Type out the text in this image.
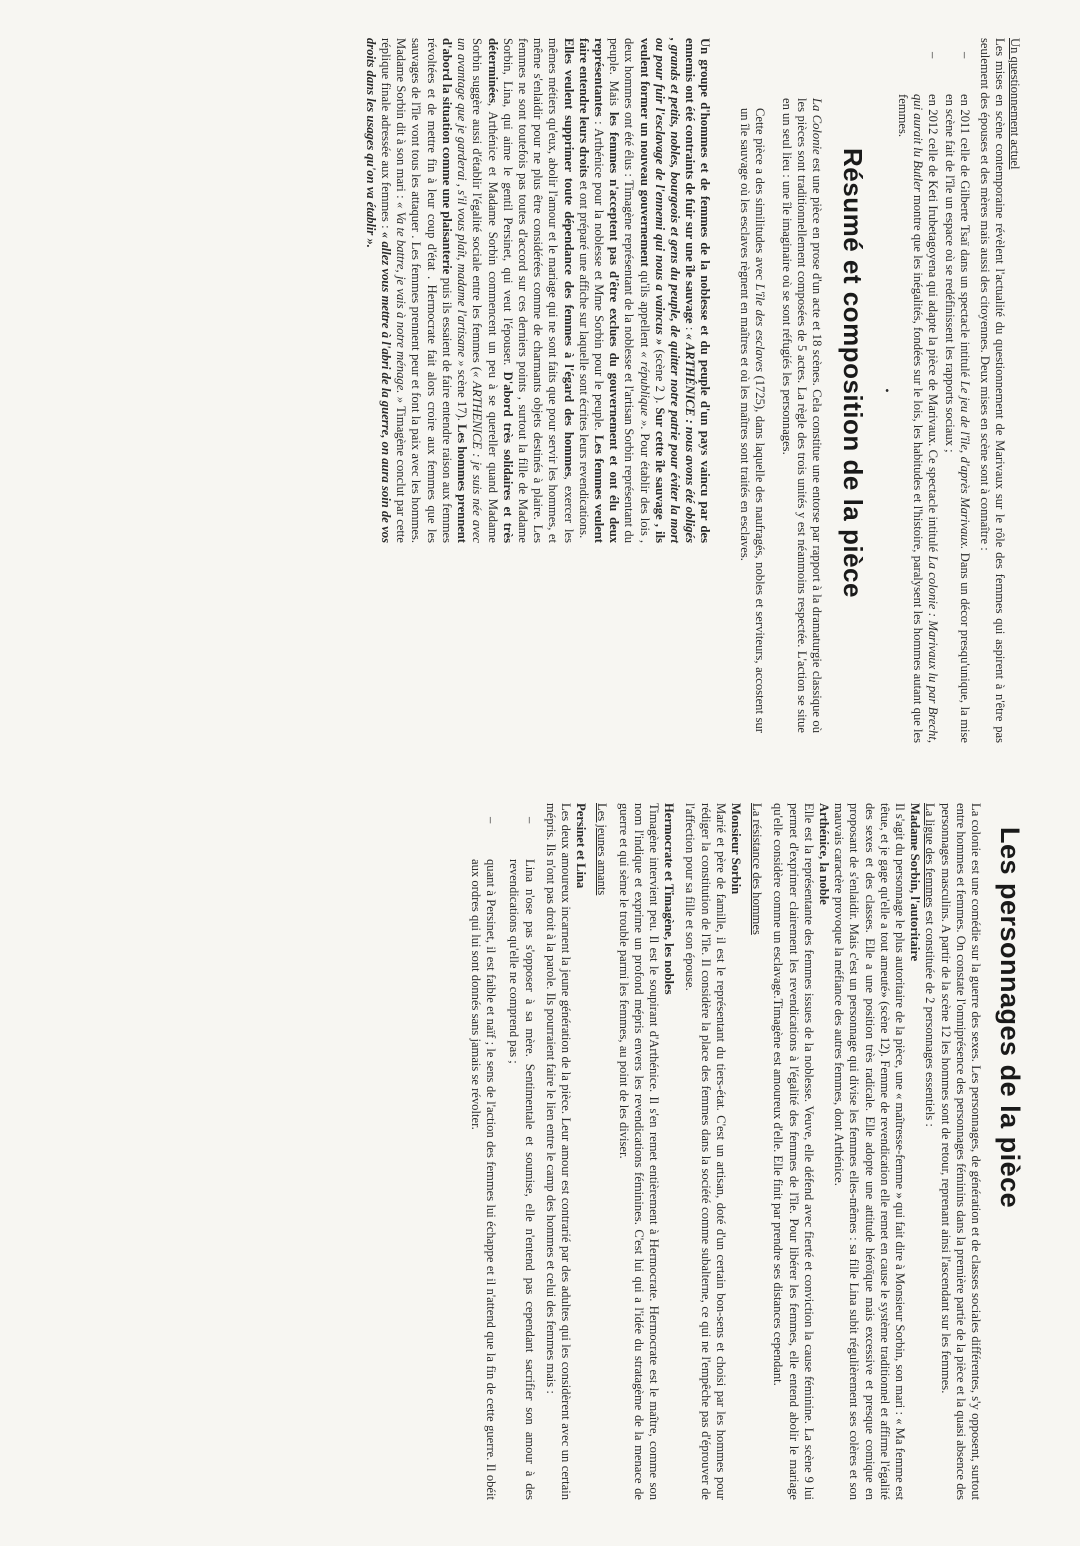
Un questionnement actuel

Les mises en scène contemporaine révèlent l'actualité du questionnement de Marivaux sur le rôle des femmes qui aspirent à n'être pas seulement des épouses et des mères mais aussi des citoyennes. Deux mises en scène sont à connaître :

– en 2011 celle de Gilberte Tsaï dans un spectacle intitulé Le jeu de l'île, d'après Marivaux. Dans un décor presqu'unique, la mise en scène fait de l'île un espace où se redéfinissent les rapports sociaux ;
– en 2012 celle de Keti Irubetagoyena qui adapte la pièce de Marivaux. Ce spectacle intitulé La colonie : Marivaux lu par Brecht, qui aurait lu Butler montre que les inégalités, fondées sur le lois, les habitudes et l'histoire, paralysent les hommes autant que les femmes.
•
Résumé et composition de la pièce

La Colonie est une pièce en prose d'un acte et 18 scènes. Cela constitue une entorse par rapport à la dramaturgie classique où les pièces sont traditionnellement composées de 5 actes. La règle des trois unités y est néanmoins respectée. L'action se situe en un seul lieu : une île imaginaire où se sont réfugiés les personnages.

Cette pièce a des similitudes avec L'île des esclaves (1725), dans laquelle des naufragés, nobles et serviteurs, accostent sur un île sauvage où les esclaves règnent en maîtres et où les maîtres sont traités en esclaves.

Un groupe d'hommes et de femmes de la noblesse et du peuple d'un pays vaincu par des ennemis ont été contraints de fuir sur une île sauvage : « ARTHÉNICE : nous avons été obligés , grands et petits, nobles, bourgeois et gens du peuple, de quitter notre patrie pour éviter la mort ou pour fuir l'esclavage de l'ennemi qui nous a vaincus » (scène 2 ). Sur cette île sauvage , ils veulent former un nouveau gouvernement qu'ils appellent « république ». Pour établir des lois , deux hommes ont été élus : Timagène représentant de la noblesse et l'artisan Sorbin représentant du peuple. Mais les femmes n'acceptent pas d'être exclues du gouvernement et ont élu deux représentantes : Arthénice pour la noblesse et Mme Sorbin pour le peuple. Les femmes veulent faire entendre leurs droits et ont préparé une affiche sur laquelle sont écrites leurs revendications.

Elles veulent supprimer toute dépendance des femmes à l'égard des hommes, exercer les mêmes métiers qu'eux, abolir l'amour et le mariage qui ne sont faits que pour servir les hommes, et même s'enlaidir pour ne plus être considérées comme de charmants objets destinés à plaire. Les femmes ne sont toutefois pas toutes d'accord sur ces derniers points , surtout la fille de Madame Sorbin, Lina, qui aime le gentil Persinet, qui veut l'épouser. D'abord très solidaires et très déterminées, Arthénice et Madame Sorbin commencent un peu à se quereller quand Madame Sorbin suggère aussi d'établir l'égalité sociale entre les femmes (« ARTHENICE : je suis née avec un avantage que je garderai , s'il vous plaît, madame l'artisane » scène 17). Les hommes prennent d'abord la situation comme une plaisanterie puis ils essaient de faire entendre raison aux femmes révoltées et de mettre fin à leur coup d'état . Hermocrate fait alors croire aux femmes que les sauvages de l'île vont tous les attaquer . Les femmes prennent peur et font la paix avec les hommes. Madame Sorbin dit à son mari : « Va te battre, je vais à notre ménage. » Timagène conclut par cette réplique finale adressée aux femmes : « allez vous mettre à l'abri de la guerre, on aura soin de vos droits dans les usages qu'on va établir ».

Les personnages de la pièce

La colonie est une comédie sur la guerre des sexes. Les personnages, de génération et de classes sociales différentes, s'y opposent, surtout entre hommes et femmes. On constate l'omniprésence des personnages féminins dans la première partie de la pièce et la quasi absence des personnages masculins. A partir de la scène 12 les hommes sont de retour, reprenant ainsi l'ascendant sur les femmes.

La ligue des femmes est constituée de 2 personnages essentiels :

Madame Sorbin, l'autoritaire

Il s'agit du personnage le plus autoritaire de la pièce, une « maîtresse-femme » qui fait dire à Monsieur Sorbin, son mari : « Ma femme est têtue, et je gage qu'elle a tout ameuté» (scène 12). Femme de revendication elle remet en cause le système traditionnel et affirme l'égalité des sexes et des classes. Elle a une position très radicale. Elle adopte une attitude héroïque mais excessive et presque comique en proposant de s'enlaidir. Mais c'est un personnage qui divise les femmes elles-mêmes : sa fille Lina subit régulièrement ses colères et son mauvais caractère provoque la méfiance des autres femmes, dont Arthénice.

Arthénice, la noble

Elle est la représentante des femmes issues de la noblesse. Veuve, elle défend avec fierté et conviction la cause féminine. La scène 9 lui permet d'exprimer clairement les revendications à l'égalité des femmes de l'île. Pour libérer les femmes, elle entend abolir le mariage qu'elle considère comme un esclavage.Timagène est amoureux d'elle. Elle finit par prendre ses distances cependant.

La résistance des hommes
Monsieur Sorbin

Marié et père de famille, il est le représentant du tiers-état. C'est un artisan, doté d'un certain bon-sens et choisi par les hommes pour rédiger la constitution de l'île. Il considère la place des femmes dans la société comme subalterne, ce qui ne l'empêche pas d'éprouver de l'affection pour sa fille et son épouse.

Hermocrate et Timagène, les nobles

Timagène intervient peu. Il est le soupirant d'Arthénice. Il s'en remet entièrement à Hermocrate. Hermocrate est le maître, comme son nom l'indique et exprime un profond mépris envers les revendications féminines. C'est lui qui a l'idée du stratagème de la menace de guerre et qui sème le trouble parmi les femmes, au point de les diviser.

Les jeunes amants
Persinet et Lina

Les deux amoureux incarnent la jeune génération de la pièce. Leur amour est contrarié par des adultes qui les considèrent avec un certain mépris. Ils n'ont pas droit à la parole. Ils pourraient faire le lien entre le camp des hommes et celui des femmes mais :

– Lina n'ose pas s'opposer à sa mère. Sentimentale et soumise, elle n'entend pas cependant sacrifier son amour à des revendications qu'elle ne comprend pas ;
– quant à Persinet, il est faible et naïf ; le sens de l'action des femmes lui échappe et il n'attend que la fin de cette guerre. Il obéit aux ordres qui lui sont donnés sans jamais se révolter.
